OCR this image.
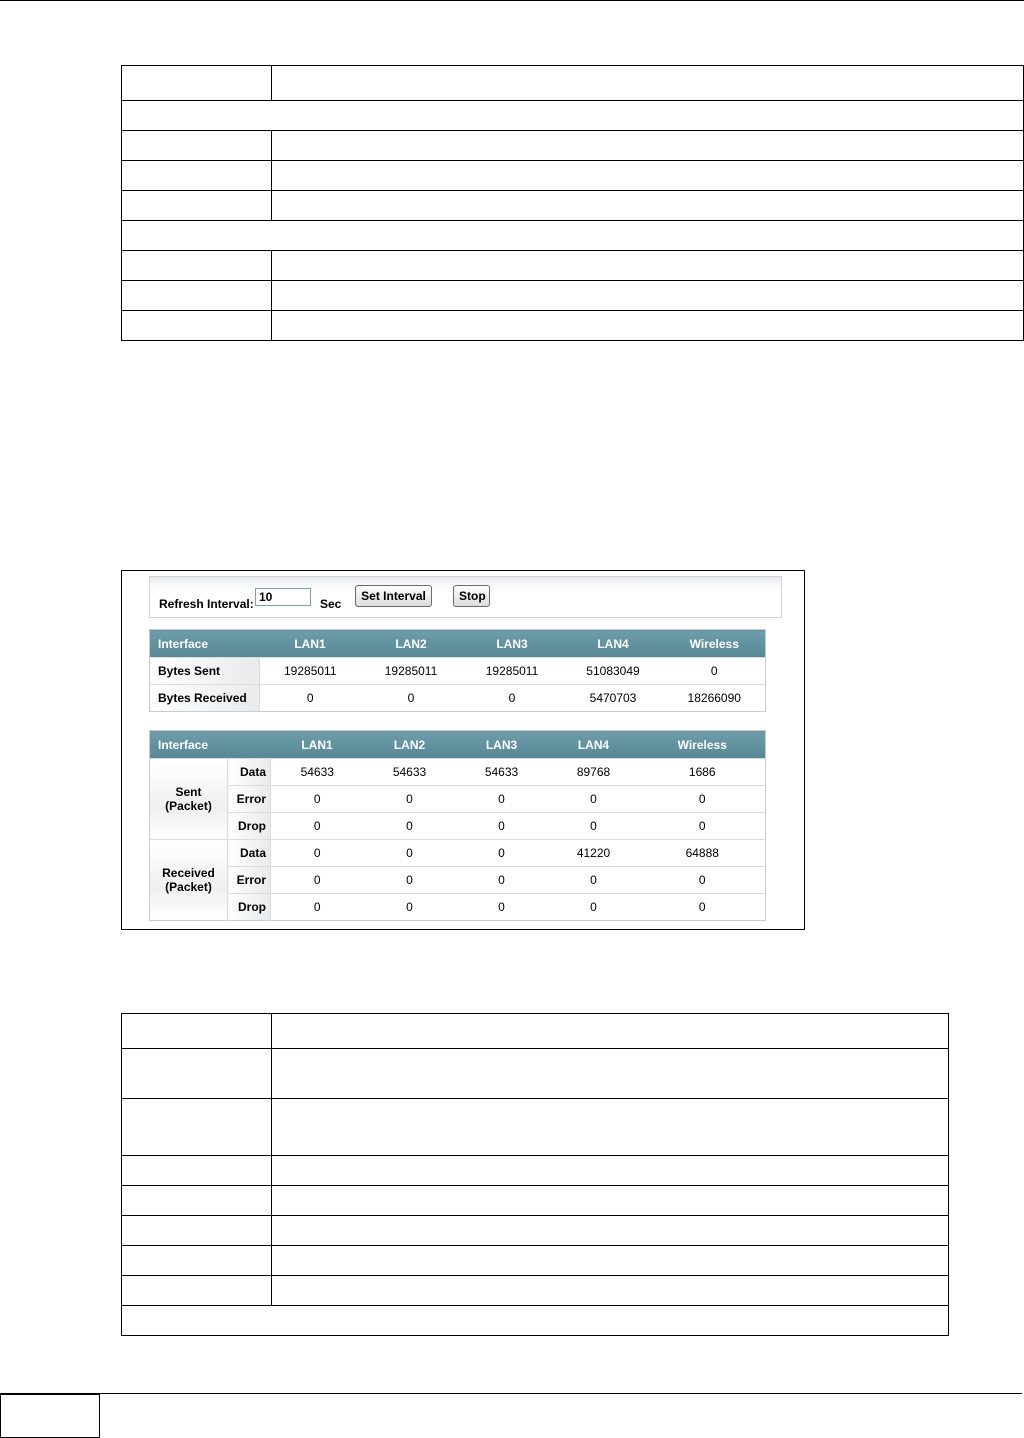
Refresh Interval:
10	Sec
Set Interval	Stop
Interface	LAN1	LAN2	LAN3	LAN4	Wireless
Bytes Sent	19285011	19285011	19285011	51083049	0
Bytes Received	0	0	0	5470703	18266090
Interface		LAN1	LAN2	LAN3	LAN4	Wireless
Sent
(Packet)	Data	54633	54633	54633	89768	1686
	Error	0	0	0	0	0
	Drop	0	0	0	0	0
Received
(Packet)	Data	0	0	0	41220	64888
	Error	0	0	0	0	0
	Drop	0	0	0	0	0
